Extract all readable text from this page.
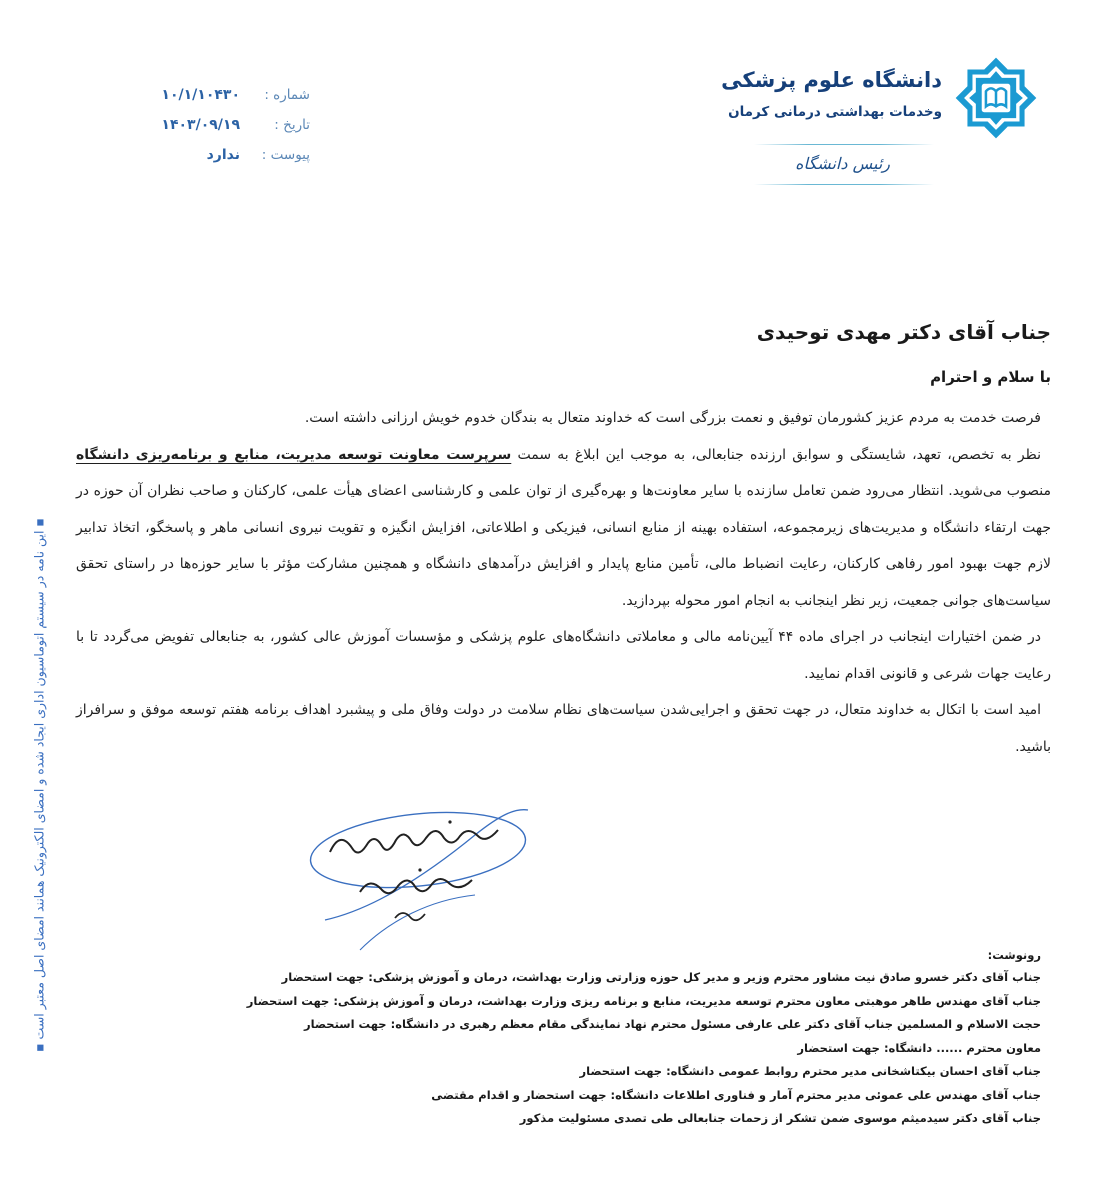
دانشگاه علوم پزشکی
وخدمات بهداشتی درمانی کرمان
رئیس دانشگاه
شماره :
۱۰/۱/۱۰۴۳۰
تاریخ :
۱۴۰۳/۰۹/۱۹
پیوست :
ندارد
جناب آقای دکتر مهدی توحیدی
با سلام و احترام

فرصت خدمت به مردم عزیز کشورمان توفیق و نعمت بزرگی است که خداوند متعال به بندگان خدوم خویش ارزانی داشته است.

نظر به تخصص، تعهد، شایستگی و سوابق ارزنده جنابعالی، به موجب این ابلاغ به سمت سرپرست معاونت توسعه مدیریت، منابع و برنامه‌ریزی دانشگاه منصوب می‌شوید. انتظار می‌رود ضمن تعامل سازنده با سایر معاونت‌ها و بهره‌گیری از توان علمی و کارشناسی اعضای هیأت علمی، کارکنان و صاحب نظران آن حوزه در جهت ارتقاء دانشگاه و مدیریت‌های زیرمجموعه، استفاده بهینه از منابع انسانی، فیزیکی و اطلاعاتی، افزایش انگیزه و تقویت نیروی انسانی ماهر و پاسخگو، اتخاذ تدابیر لازم جهت بهبود امور رفاهی کارکنان، رعایت انضباط مالی، تأمین منابع پایدار و افزایش درآمدهای دانشگاه و همچنین مشارکت مؤثر با سایر حوزه‌ها در راستای تحقق سیاست‌های جوانی جمعیت، زیر نظر اینجانب به انجام امور محوله بپردازید.

در ضمن اختیارات اینجانب در اجرای ماده ۴۴ آیین‌نامه مالی و معاملاتی دانشگاه‌های علوم پزشکی و مؤسسات آموزش عالی کشور، به جنابعالی تفویض می‌گردد تا با رعایت جهات شرعی و قانونی اقدام نمایید.

امید است با اتکال به خداوند متعال، در جهت تحقق و اجرایی‌شدن سیاست‌های نظام سلامت در دولت وفاق ملی و پیشبرد اهداف برنامه هفتم توسعه موفق و سرافراز باشید.

▪ این نامه در سیستم اتوماسیون اداری ایجاد شده و امضای الکترونیک همانند امضای اصل معتبر است ▪	رونوشت:
جناب آقای دکتر خسرو صادق نیت مشاور محترم وزیر و مدیر کل حوزه وزارتی وزارت بهداشت، درمان و آموزش پزشکی: جهت استحضار
جناب آقای مهندس طاهر موهبتی معاون محترم توسعه مدیریت، منابع و برنامه ریزی وزارت بهداشت، درمان و آموزش پزشکی: جهت استحضار
حجت الاسلام و المسلمین جناب آقای دکتر علی عارفی مسئول محترم نهاد نمایندگی مقام معظم رهبری در دانشگاه: جهت استحضار
معاون محترم ...... دانشگاه: جهت استحضار
جناب آقای احسان بیکتاشخانی مدیر محترم روابط عمومی دانشگاه: جهت استحضار
جناب آقای مهندس علی عموئی مدیر محترم آمار و فناوری اطلاعات دانشگاه: جهت استحضار و اقدام مقتضی
جناب آقای دکتر سیدمیثم موسوی ضمن تشکر از زحمات جنابعالی طی تصدی مسئولیت مذکور
